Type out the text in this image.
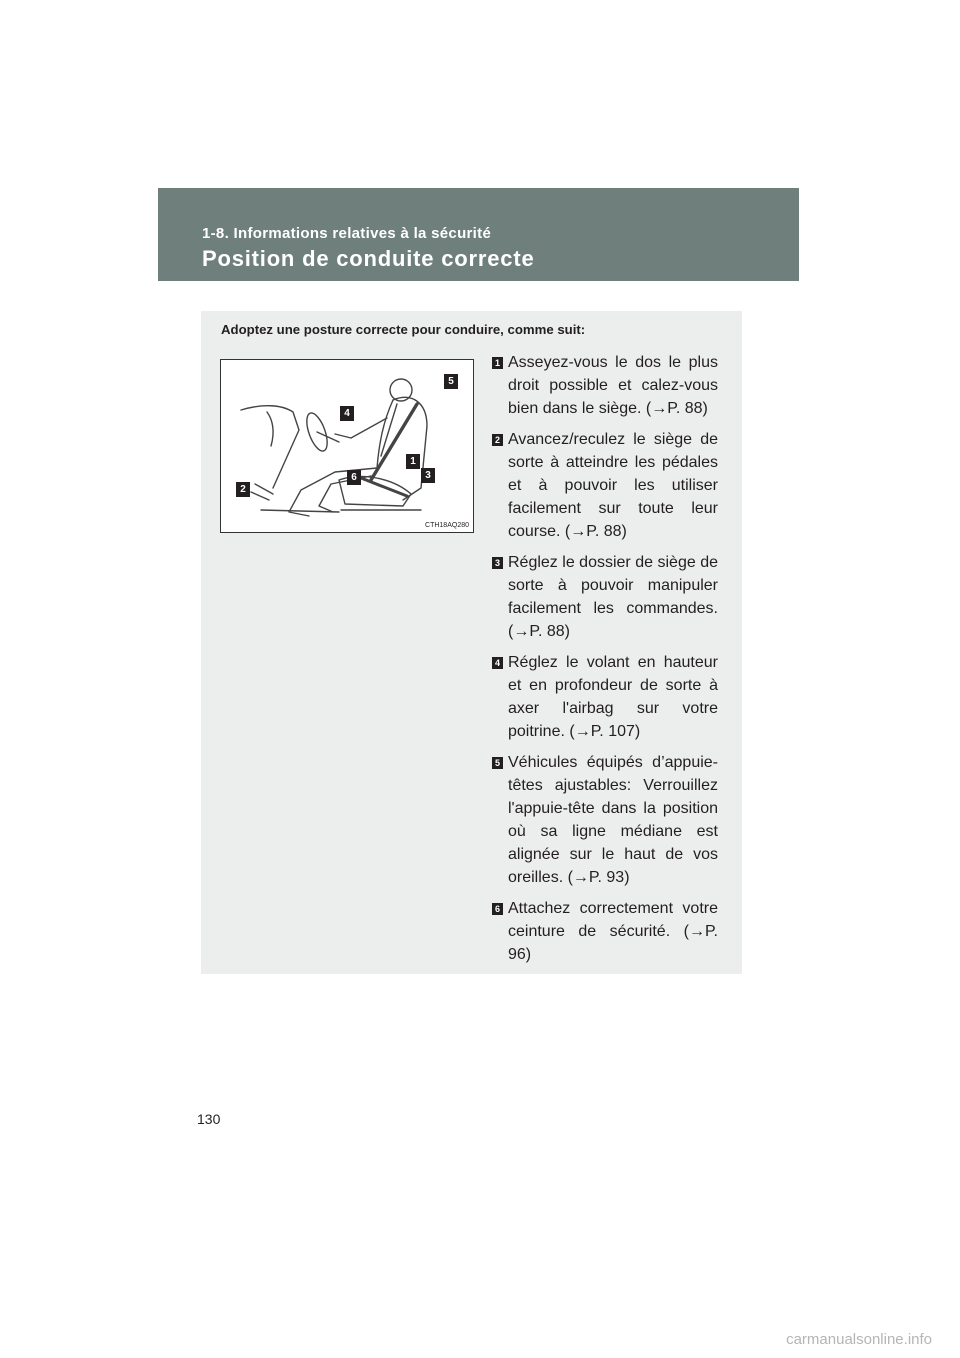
1-8. Informations relatives à la sécurité
Position de conduite correcte
Adoptez une posture correcte pour conduire, comme suit:
5
4
1
3
6
2
CTH18AQ280
1 Asseyez-vous le dos le plus droit possible et calez-vous bien dans le siège. (→P. 88)
2 Avancez/reculez le siège de sorte à atteindre les pédales et à pouvoir les utiliser facilement sur toute leur course. (→P. 88)
3 Réglez le dossier de siège de sorte à pouvoir manipuler facilement les commandes. (→P. 88)
4 Réglez le volant en hauteur et en profondeur de sorte à axer l'airbag sur votre poitrine. (→P. 107)
5 Véhicules équipés d’appuie-têtes ajustables: Verrouillez l'appuie-tête dans la position où sa ligne médiane est alignée sur le haut de vos oreilles. (→P. 93)
6 Attachez correctement votre ceinture de sécurité. (→P. 96)
130
carmanualsonline.info
